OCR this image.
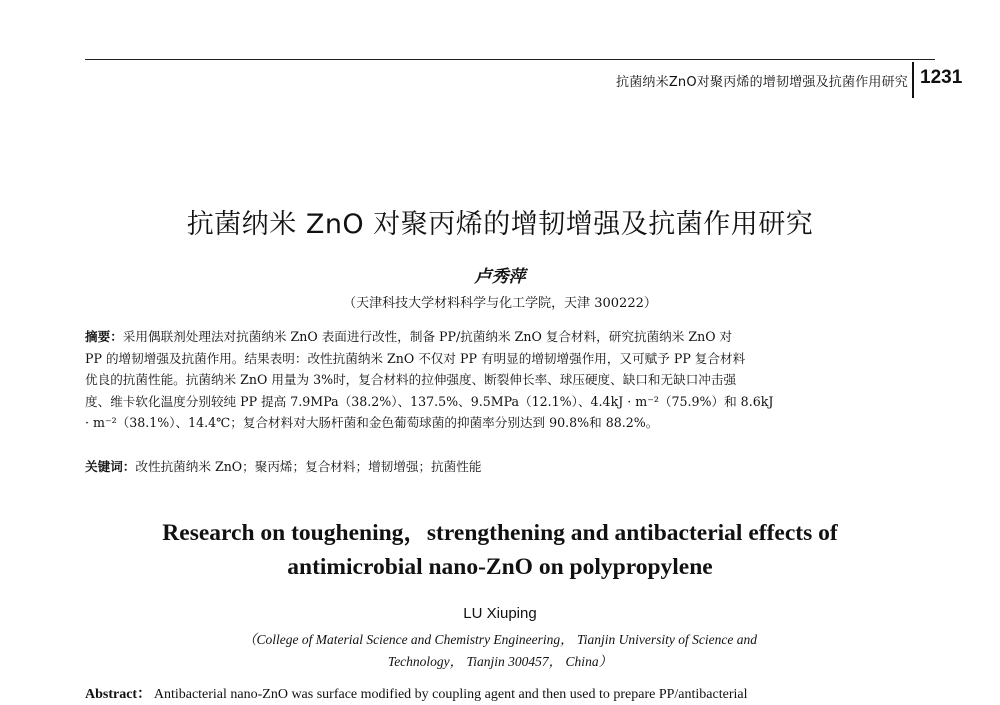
抗菌纳米ZnO对聚丙烯的增韧增强及抗菌作用研究 1231
抗菌纳米 ZnO 对聚丙烯的增韧增强及抗菌作用研究
卢秀萍
（天津科技大学材料科学与化工学院，天津 300222）
摘要：采用偶联剂处理法对抗菌纳米 ZnO 表面进行改性，制备 PP/抗菌纳米 ZnO 复合材料，研究抗菌纳米 ZnO 对
PP 的增韧增强及抗菌作用。结果表明：改性抗菌纳米 ZnO 不仅对 PP 有明显的增韧增强作用，又可赋予 PP 复合材料
优良的抗菌性能。抗菌纳米 ZnO 用量为 3%时，复合材料的拉伸强度、断裂伸长率、球压硬度、缺口和无缺口冲击强
度、维卡软化温度分别较纯 PP 提高 7.9MPa（38.2%）、137.5%、9.5MPa（12.1%）、4.4kJ · m⁻²（75.9%）和 8.6kJ
· m⁻²（38.1%）、14.4℃；复合材料对大肠杆菌和金色葡萄球菌的抑菌率分别达到 90.8%和 88.2%。
关键词：改性抗菌纳米 ZnO；聚丙烯；复合材料；增韧增强；抗菌性能
Research on toughening，strengthening and antibacterial effects of
antimicrobial nano-ZnO on polypropylene
LU Xiuping
（College of Material Science and Chemistry Engineering， Tianjin University of Science and
Technology， Tianjin 300457， China）
Abstract： Antibacterial nano-ZnO was surface modified by coupling agent and then used to prepare PP/antibacterial
